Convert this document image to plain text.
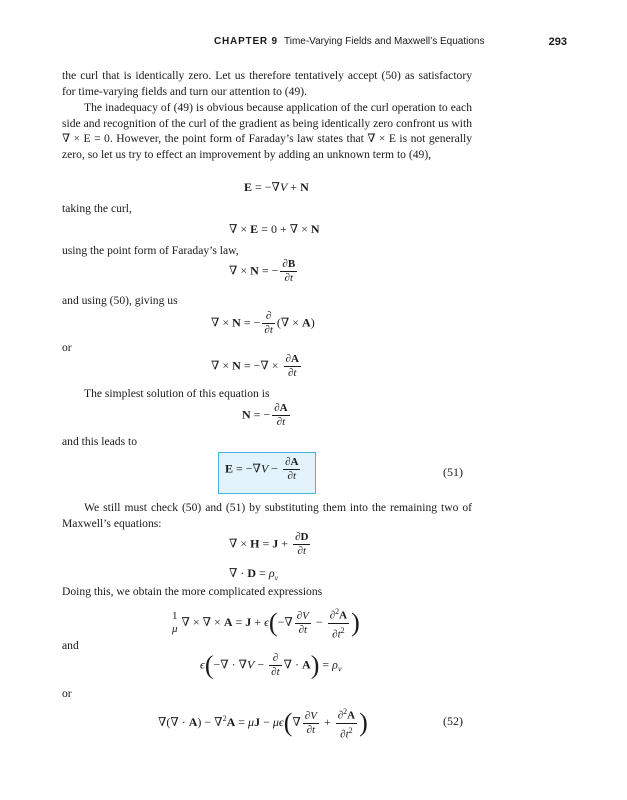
CHAPTER 9 Time-Varying Fields and Maxwell’s Equations	293
the curl that is identically zero. Let us therefore tentatively accept (50) as satisfactory for time-varying fields and turn our attention to (49).
The inadequacy of (49) is obvious because application of the curl operation to each side and recognition of the curl of the gradient as being identically zero confront us with ∇ × E = 0. However, the point form of Faraday’s law states that ∇ × E is not generally zero, so let us try to effect an improvement by adding an unknown term to (49),
E = −∇V + N
taking the curl,
∇ × E = 0 + ∇ × N
using the point form of Faraday’s law,
∇ × N = − $\frac{\partial B}{\partial t}$
and using (50), giving us
∇ × N = − $\frac{\partial}{\partial t}$ (∇ × A)
or
∇ × N = −∇ × $\frac{\partial A}{\partial t}$
The simplest solution of this equation is
N = − $\frac{\partial A}{\partial t}$
and this leads to
$E = -\nabla V - \frac{\partial A}{\partial t}$	(51)
We still must check (50) and (51) by substituting them into the remaining two of Maxwell’s equations:
∇ × $H = J + \frac{\partial D}{\partial t}$
∇ · $D = \rho_v$
Doing this, we obtain the more complicated expressions
1
μ
∇ × ∇ × $A = J + \epsilon(-\nabla \frac{\partial V}{\partial t} - \frac{\partial^2A}{\partial t^2}$ )
and
$\epsilon(-\nabla \cdot \nabla V - \frac{\partial}{\partial t}$ ∇ · $A) = \rho_v$
or
∇(∇ · $A) - \nabla^2A = \mu J - \mu\epsilon(\nabla \frac{\partial V}{\partial t} + \frac{\partial^2A}{\partial t^2}$ )	(52)
